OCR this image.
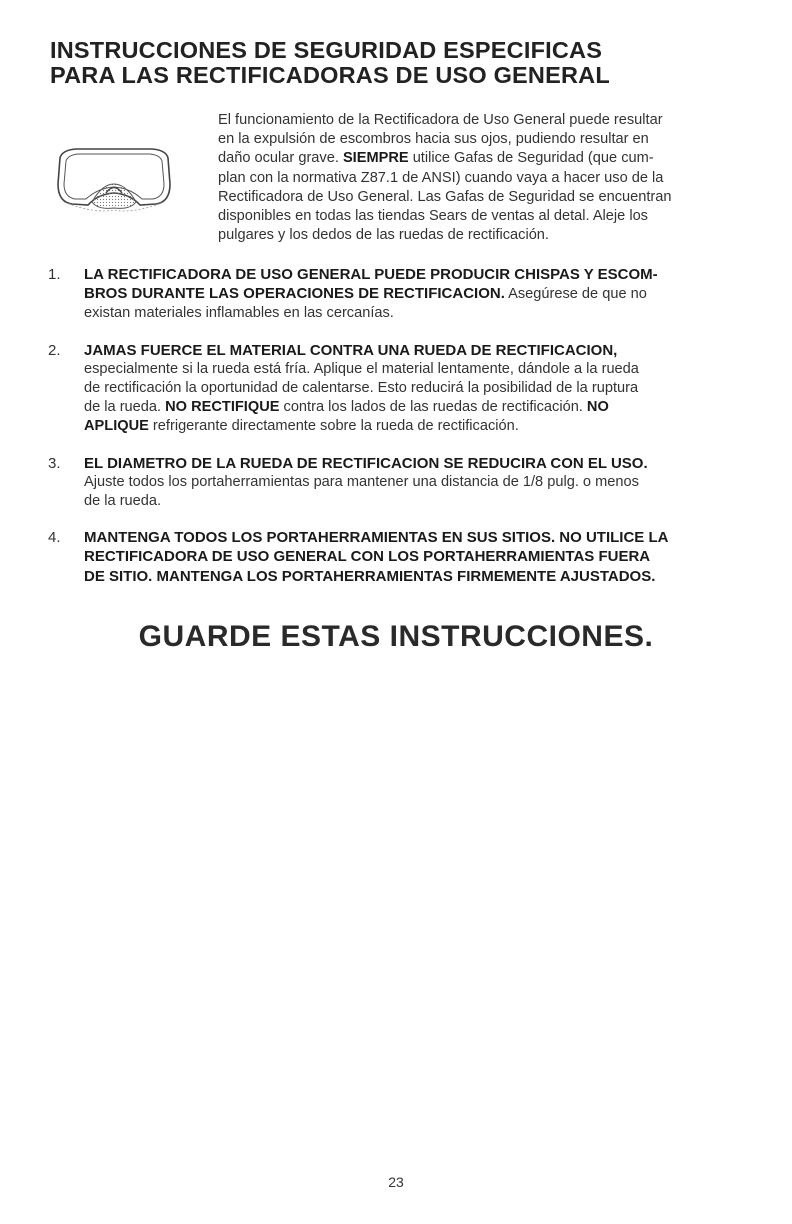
INSTRUCCIONES DE SEGURIDAD ESPECIFICAS
PARA LAS RECTIFICADORAS DE USO GENERAL
El funcionamiento de la Rectificadora de Uso General puede resultar
en la expulsión de escombros hacia sus ojos, pudiendo resultar en
daño ocular grave. SIEMPRE utilice Gafas de Seguridad (que cum-
plan con la normativa Z87.1 de ANSI) cuando vaya a hacer uso de la
Rectificadora de Uso General. Las Gafas de Seguridad se encuentran
disponibles en todas las tiendas Sears de ventas al detal. Aleje los
pulgares y los dedos de las ruedas de rectificación.
1. LA RECTIFICADORA DE USO GENERAL PUEDE PRODUCIR CHISPAS Y ESCOM-
BROS DURANTE LAS OPERACIONES DE RECTIFICACION. Asegúrese de que no
existan materiales inflamables en las cercanías.
2. JAMAS FUERCE EL MATERIAL CONTRA UNA RUEDA DE RECTIFICACION,
especialmente si la rueda está fría. Aplique el material lentamente, dándole a la rueda
de rectificación la oportunidad de calentarse. Esto reducirá la posibilidad de la ruptura
de la rueda. NO RECTIFIQUE contra los lados de las ruedas de rectificación. NO
APLIQUE refrigerante directamente sobre la rueda de rectificación.
3. EL DIAMETRO DE LA RUEDA DE RECTIFICACION SE REDUCIRA CON EL USO.
Ajuste todos los portaherramientas para mantener una distancia de 1/8 pulg. o menos
de la rueda.
4. MANTENGA TODOS LOS PORTAHERRAMIENTAS EN SUS SITIOS. NO UTILICE LA
RECTIFICADORA DE USO GENERAL CON LOS PORTAHERRAMIENTAS FUERA
DE SITIO. MANTENGA LOS PORTAHERRAMIENTAS FIRMEMENTE AJUSTADOS.
GUARDE ESTAS INSTRUCCIONES.
23
